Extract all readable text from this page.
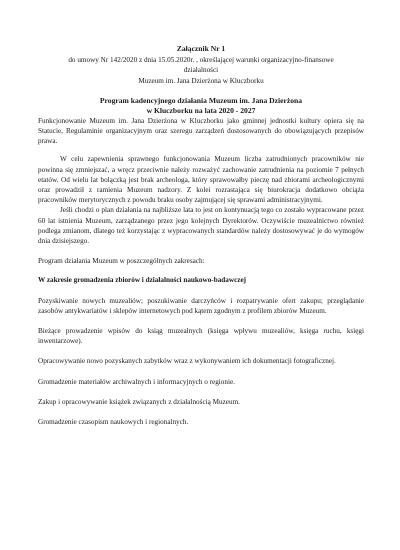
Załącznik Nr 1
do umowy Nr 142/2020 z dnia 15.05.2020r. , określającej warunki organizacyjno-finansowe
działalności
Muzeum im. Jana Dzierżona w Kluczborku
Program kadencyjnego działania Muzeum im. Jana Dzierżona
w Kluczborku na lata 2020 - 2027

Funkcjonowanie Muzeum im. Jana Dzierżona w Kluczborku jako gminnej jednostki kultury opiera się na Statucie, Regulaminie organizacyjnym oraz szeregu zarządzeń dostosowanych do obowiązujących przepisów prawa.

W celu zapewnienia sprawnego funkcjonowania Muzeum liczba zatrudnionych pracowników nie powinna się zmniejszać, a wręcz przeciwnie należy rozważyć zachowanie zatrudnienia na poziomie 7 pełnych etatów. Od wielu lat bolączką jest brak archeologa, który sprawowałby pieczę nad zbiorami archeologicznymi oraz prowadził z ramienia Muzeum nadzory. Z kolei rozrastająca się biurokracja dodatkowo obciąża pracowników merytorycznych z powodu braku osoby zajmującej się sprawami administracyjnymi.

Jeśli chodzi o plan działania na najbliższe lata to jest on kontynuacją tego co zostało wypracowane przez 60 lat istnienia Muzeum, zarządzanego przez jego kolejnych Dyrektorów. Oczywiście muzealnictwo również podlega zmianom, dlatego też korzystając z wypracowanych standardów należy dostosowywać je do wymogów dnia dzisiejszego.

Program działania Muzeum w poszczególnych zakresach:

W zakresie gromadzenia zbiorów i działalności naukowo-badawczej

Pozyskiwanie nowych muzealiów; poszukiwanie darczyńców i rozpatrywanie ofert zakupu; przeglądanie zasobów antykwariatów i sklepów internetowych pod kątem zgodnym z profilem zbiorów Muzeum.

Bieżące prowadzenie wpisów do ksiąg muzealnych (księga wpływu muzealiów, księga ruchu, księgi inwentarzowe).

Opracowywanie nowo pozyskanych zabytków wraz z wykonywaniem ich dokumentacji fotograficznej.

Gromadzenie materiałów archiwalnych i informacyjnych o regionie.

Zakup i opracowywanie książek związanych z działalnością Muzeum.

Gromadzenie czasopism naukowych i regionalnych.
